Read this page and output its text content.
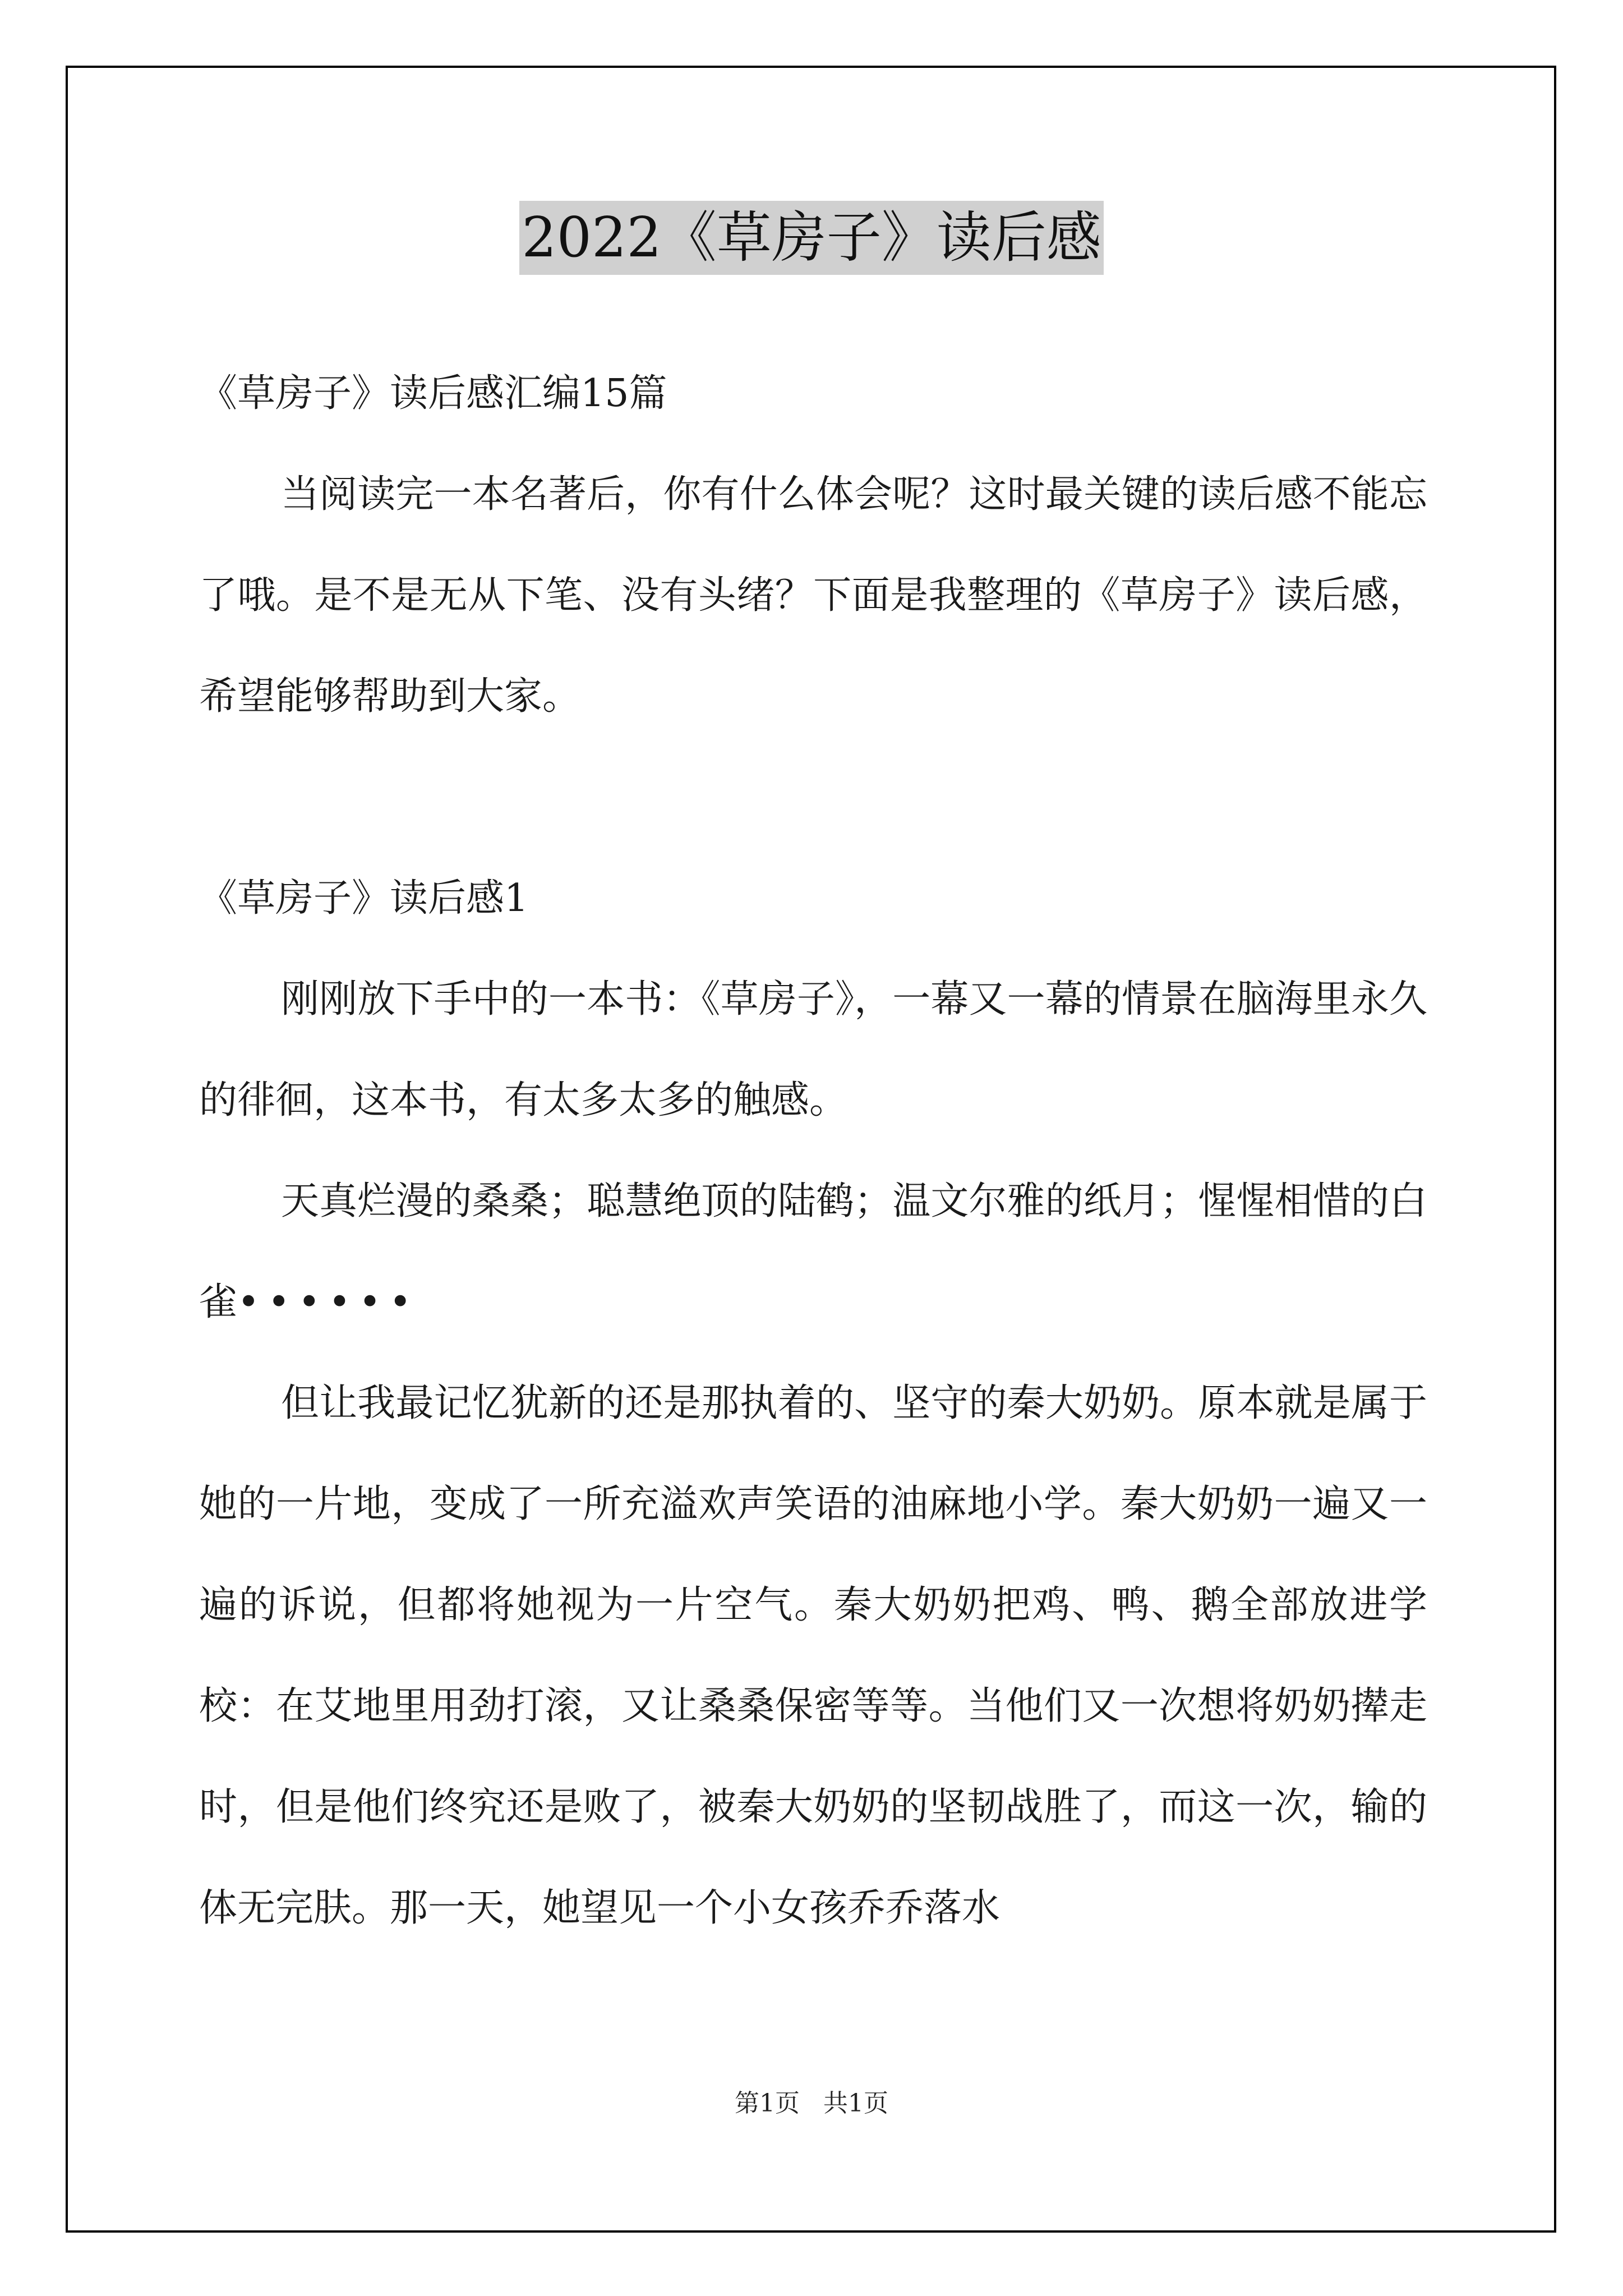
2022《草房子》读后感

《草房子》读后感汇编15篇

当阅读完一本名著后，你有什么体会呢？这时最关键的读后感不能忘了哦。是不是无从下笔、没有头绪？下面是我整理的《草房子》读后感，希望能够帮助到大家。

《草房子》读后感1

刚刚放下手中的一本书：《草房子》，一幕又一幕的情景在脑海里永久的徘徊，这本书，有太多太多的触感。

天真烂漫的桑桑；聪慧绝顶的陆鹤；温文尔雅的纸月；惺惺相惜的白雀••••••

但让我最记忆犹新的还是那执着的、坚守的秦大奶奶。原本就是属于她的一片地，变成了一所充溢欢声笑语的油麻地小学。秦大奶奶一遍又一遍的诉说，但都将她视为一片空气。秦大奶奶把鸡、鸭、鹅全部放进学校：在艾地里用劲打滚，又让桑桑保密等等。当他们又一次想将奶奶撵走时，但是他们终究还是败了，被秦大奶奶的坚韧战胜了，而这一次，输的体无完肤。那一天，她望见一个小女孩乔乔落水

第1页   共1页
